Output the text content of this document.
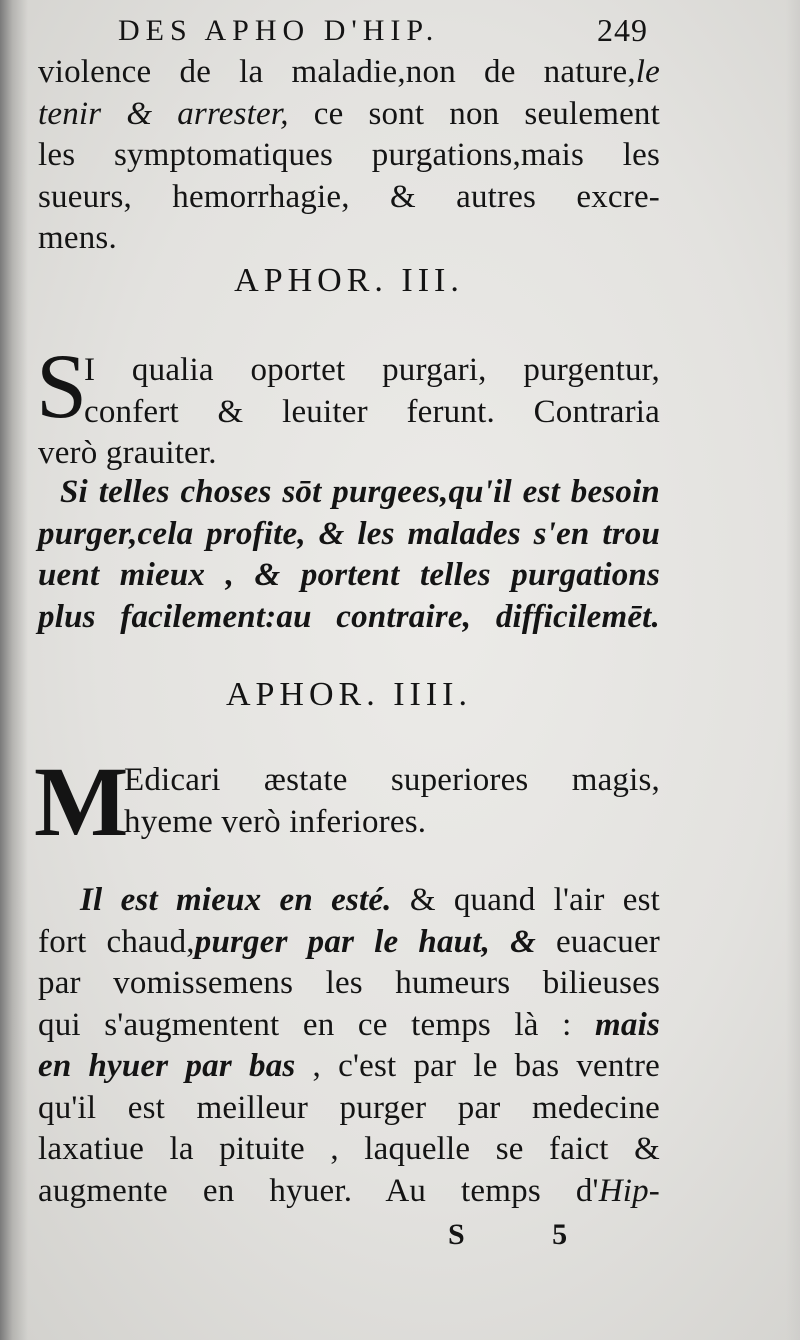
DES APHO D'HIP.	249
violence de la maladie,non de nature,le
tenir & arrester, ce sont non seulement
les symptomatiques purgations,mais les
sueurs, hemorrhagie, & autres excre-
mens.
APHOR. III.
S
I qualia oportet purgari, purgentur,
confert & leuiter ferunt. Contraria
verò grauiter.
Si telles choses sōt purgees,qu'il est besoin
purger,cela profite, & les malades s'en trou
uent mieux , & portent telles purgations
plus facilement:au contraire, difficilemēt.
APHOR. IIII.
M
Edicari æstate superiores magis,
hyeme verò inferiores.
Il est mieux en esté. & quand l'air est
fort chaud,purger par le haut, & euacuer
par vomissemens les humeurs bilieuses
qui s'augmentent en ce temps là : mais
en hyuer par bas , c'est par le bas ventre
qu'il est meilleur purger par medecine
laxatiue la pituite , laquelle se faict &
augmente en hyuer. Au temps d'Hip-
S 5
